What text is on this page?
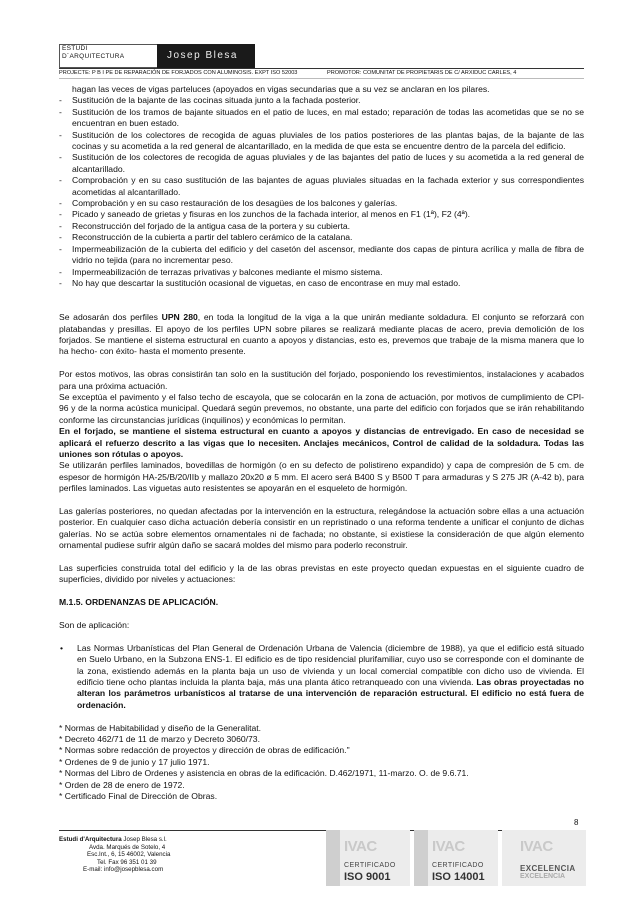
ESTUDI
D´ARQUITECTURA	Josep Blesa
PROJECTE: P B I PE DE REPARACIÓN DE FORJADOS CON ALUMINOSIS. EXPT ISO 52003	PROMOTOR: COMUNITAT DE PROPIETARIS DE C/ ARXIDUC CARLES, 4

hagan las veces de vigas parteluces (apoyados en vigas secundarias que a su vez se anclaran en los pilares.

- Sustitución de la bajante de las cocinas situada junto a la fachada posterior.
- Sustitución de los tramos de bajante situados en el patio de luces, en mal estado; reparación de todas las acometidas que se no se encuentran en buen estado.
- Sustitución de los colectores de recogida de aguas pluviales de los patios posteriores de las plantas bajas, de la bajante de las cocinas y su acometida a la red general de alcantarillado, en la medida de que esta se encuentre dentro de la parcela del edificio.
- Sustitución de los colectores de recogida de aguas pluviales y de las bajantes del patio de luces y su acometida a la red general de alcantarillado.
- Comprobación y en su caso sustitución de las bajantes de aguas pluviales situadas en la fachada exterior y sus correspondientes acometidas al alcantarillado.
- Comprobación y en su caso restauración de los desagües de los balcones y galerías.
- Picado y saneado de grietas y fisuras en los zunchos de la fachada interior, al menos en F1 (1ª), F2 (4ª).
- Reconstrucción del forjado de la antigua casa de la portera y su cubierta.
- Reconstrucción de la cubierta a partir del tablero cerámico de la catalana.
- Impermeabilización de la cubierta del edificio y del casetón del ascensor, mediante dos capas de pintura acrílica y malla de fibra de vidrio no tejida (para no incrementar peso.
- Impermeabilización de terrazas privativas y balcones mediante el mismo sistema.
- No hay que descartar la sustitución ocasional de viguetas, en caso de encontrase en muy mal estado.

Se adosarán dos perfiles UPN 280, en toda la longitud de la viga a la que unirán mediante soldadura. El conjunto se reforzará con platabandas y presillas. El apoyo de los perfiles UPN sobre pilares se realizará mediante placas de acero, previa demolición de los forjados. Se mantiene el sistema estructural en cuanto a apoyos y distancias, esto es, prevemos que trabaje de la misma manera que lo ha hecho- con éxito- hasta el momento presente.

Por estos motivos, las obras consistirán tan solo en la sustitución del forjado, posponiendo los revestimientos, instalaciones y acabados para una próxima actuación.

Se exceptúa el pavimento y el falso techo de escayola, que se colocarán en la zona de actuación, por motivos de cumplimiento de CPI-96 y de la norma acústica municipal. Quedará según prevemos, no obstante, una parte del edificio con forjados que se irán rehabilitando conforme las circunstancias jurídicas (inquilinos) y económicas lo permitan.

En el forjado, se mantiene el sistema estructural en cuanto a apoyos y distancias de entrevigado. En caso de necesidad se aplicará el refuerzo descrito a las vigas que lo necesiten. Anclajes mecánicos, Control de calidad de la soldadura. Todas las uniones son rótulas o apoyos.

Se utilizarán perfiles laminados, bovedillas de hormigón (o en su defecto de polistireno expandido) y capa de compresión de 5 cm. de espesor de hormigón HA-25/B/20/IIb y mallazo 20x20 ø 5 mm. El acero será B400 S y B500 T para armaduras y S 275 JR (A-42 b), para perfiles laminados. Las viguetas auto resistentes se apoyarán en el esqueleto de hormigón.

Las galerías posteriores, no quedan afectadas por la intervención en la estructura, relegándose la actuación sobre ellas a una actuación posterior. En cualquier caso dicha actuación debería consistir en un repristinado o una reforma tendente a unificar el conjunto de dichas galerías. No se actúa sobre elementos ornamentales ni de fachada; no obstante, si existiese la consideración de que algún elemento ornamental pudiese sufrir algún daño se sacará moldes del mismo para poderlo reconstruir.

Las superficies construida total del edificio y la de las obras previstas en este proyecto quedan expuestas en el siguiente cuadro de superficies, dividido por niveles y actuaciones:

M.1.5. ORDENANZAS DE APLICACIÓN.

Son de aplicación:

• Las Normas Urbanísticas del Plan General de Ordenación Urbana de Valencia (diciembre de 1988), ya que el edificio está situado en Suelo Urbano, en la Subzona ENS-1. El edificio es de tipo residencial plurifamiliar, cuyo uso se corresponde con el dominante de la zona, existiendo además en la planta baja un uso de vivienda y un local comercial compatible con dicho uso de vivienda. El edificio tiene ocho plantas incluida la planta baja, más una planta ático retranqueado con una vivienda. Las obras proyectadas no alteran los parámetros urbanísticos al tratarse de una intervención de reparación estructural. El edificio no está fuera de ordenación.

* Normas de Habitabilidad y diseño de la Generalitat.

* Decreto 462/71 de 11 de marzo y Decreto 3060/73.

* Normas sobre redacción de proyectos y dirección de obras de edificación."

* Ordenes de 9 de junio y 17 julio 1971.

* Normas del Libro de Ordenes y asistencia en obras de la edificación. D.462/1971, 11-marzo. O. de 9.6.71.

* Orden de 28 de enero de 1972.

* Certificado Final de Dirección de Obras.

8
Estudi d'Arquitectura Josep Blesa s.l.
Avda. Marqués de Sotelo, 4
Esc.Int., 6, 15 46002, Valencia
Tel. Fax 96 351 01 39
E-mail: info@josepblesa.com
IVAC
CERTIFICADO
ISO 9001
IVAC
CERTIFICADO
ISO 14001
IVAC
EXCELENCIA
EXCELENCIA
